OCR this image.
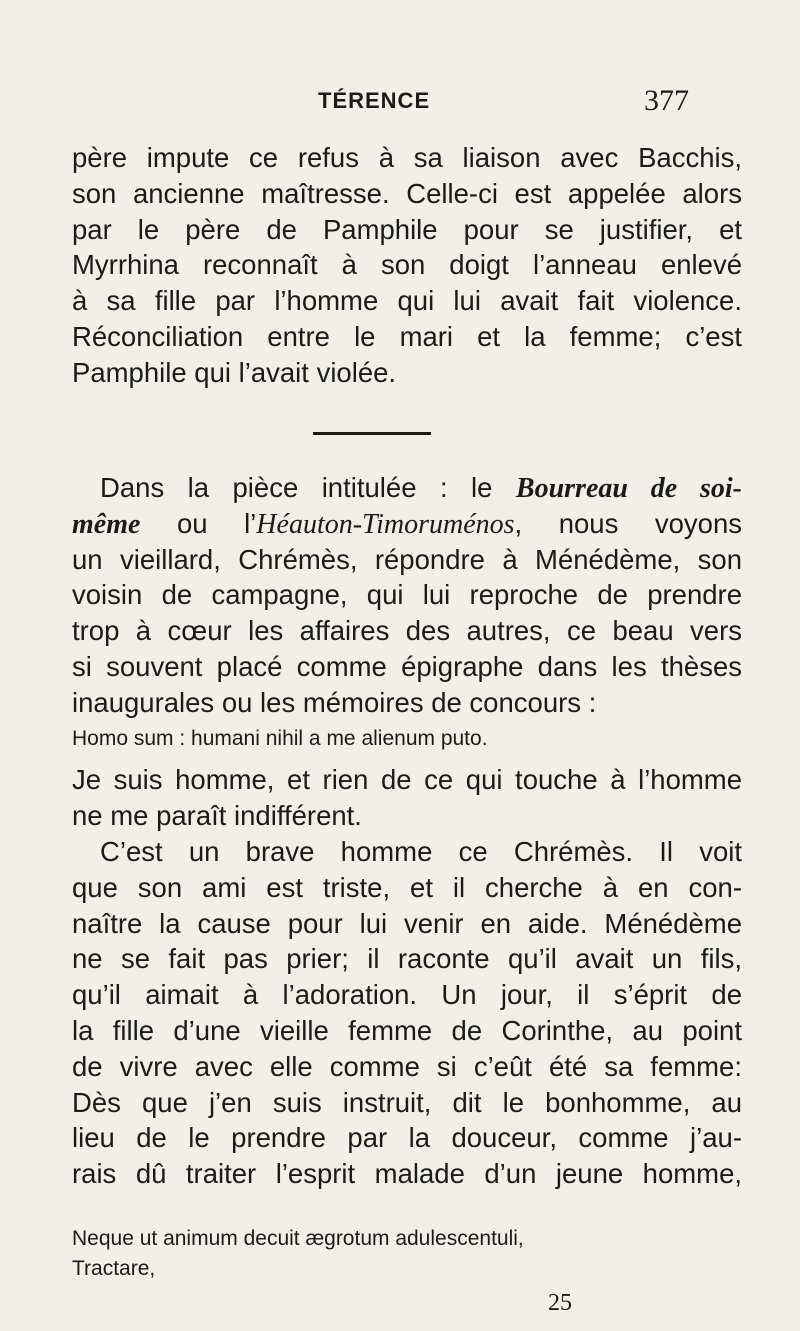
TÉRENCE	377
père impute ce refus à sa liaison avec Bacchis,
son ancienne maîtresse. Celle-ci est appelée alors
par le père de Pamphile pour se justifier, et
Myrrhina reconnaît à son doigt l’anneau enlevé
à sa fille par l’homme qui lui avait fait violence.
Réconciliation entre le mari et la femme; c’est
Pamphile qui l’avait violée.
Dans la pièce intitulée : le Bourreau de soi-
même ou l’Héauton-Timoruménos, nous voyons
un vieillard, Chrémès, répondre à Ménédème, son
voisin de campagne, qui lui reproche de prendre
trop à cœur les affaires des autres, ce beau vers
si souvent placé comme épigraphe dans les thèses
inaugurales ou les mémoires de concours :
Homo sum : humani nihil a me alienum puto.
Je suis homme, et rien de ce qui touche à l’homme
ne me paraît indifférent.
C’est un brave homme ce Chrémès. Il voit
que son ami est triste, et il cherche à en con-
naître la cause pour lui venir en aide. Ménédème
ne se fait pas prier; il raconte qu’il avait un fils,
qu’il aimait à l’adoration. Un jour, il s’éprit de
la fille d’une vieille femme de Corinthe, au point
de vivre avec elle comme si c’eût été sa femme:
Dès que j’en suis instruit, dit le bonhomme, au
lieu de le prendre par la douceur, comme j’au-
rais dû traiter l’esprit malade d’un jeune homme,
Neque ut animum decuit ægrotum adulescentuli,
Tractare,
25
